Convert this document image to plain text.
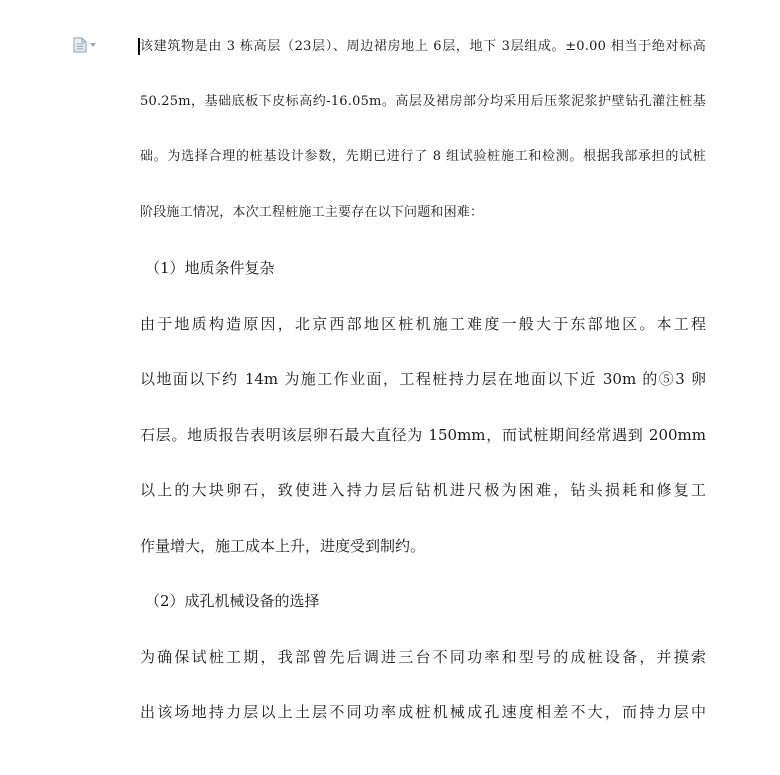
该建筑物是由 3 栋高层（23层）、周边裙房地上 6层，地下 3层组成。±0.00 相当于绝对标高
50.25m，基础底板下皮标高约-16.05m。高层及裙房部分均采用后压浆泥浆护壁钻孔灌注桩基
础。为选择合理的桩基设计参数，先期已进行了 8 组试验桩施工和检测。根据我部承担的试桩
阶段施工情况，本次工程桩施工主要存在以下问题和困难：
（1）地质条件复杂
由于地质构造原因，北京西部地区桩机施工难度一般大于东部地区。本工程
以地面以下约 14m 为施工作业面，工程桩持力层在地面以下近 30m 的⑤3 卵
石层。地质报告表明该层卵石最大直径为 150mm，而试桩期间经常遇到 200mm
以上的大块卵石，致使进入持力层后钻机进尺极为困难，钻头损耗和修复工
作量增大，施工成本上升，进度受到制约。
（2）成孔机械设备的选择
为确保试桩工期，我部曾先后调进三台不同功率和型号的成桩设备，并摸索
出该场地持力层以上土层不同功率成桩机械成孔速度相差不大，而持力层中
